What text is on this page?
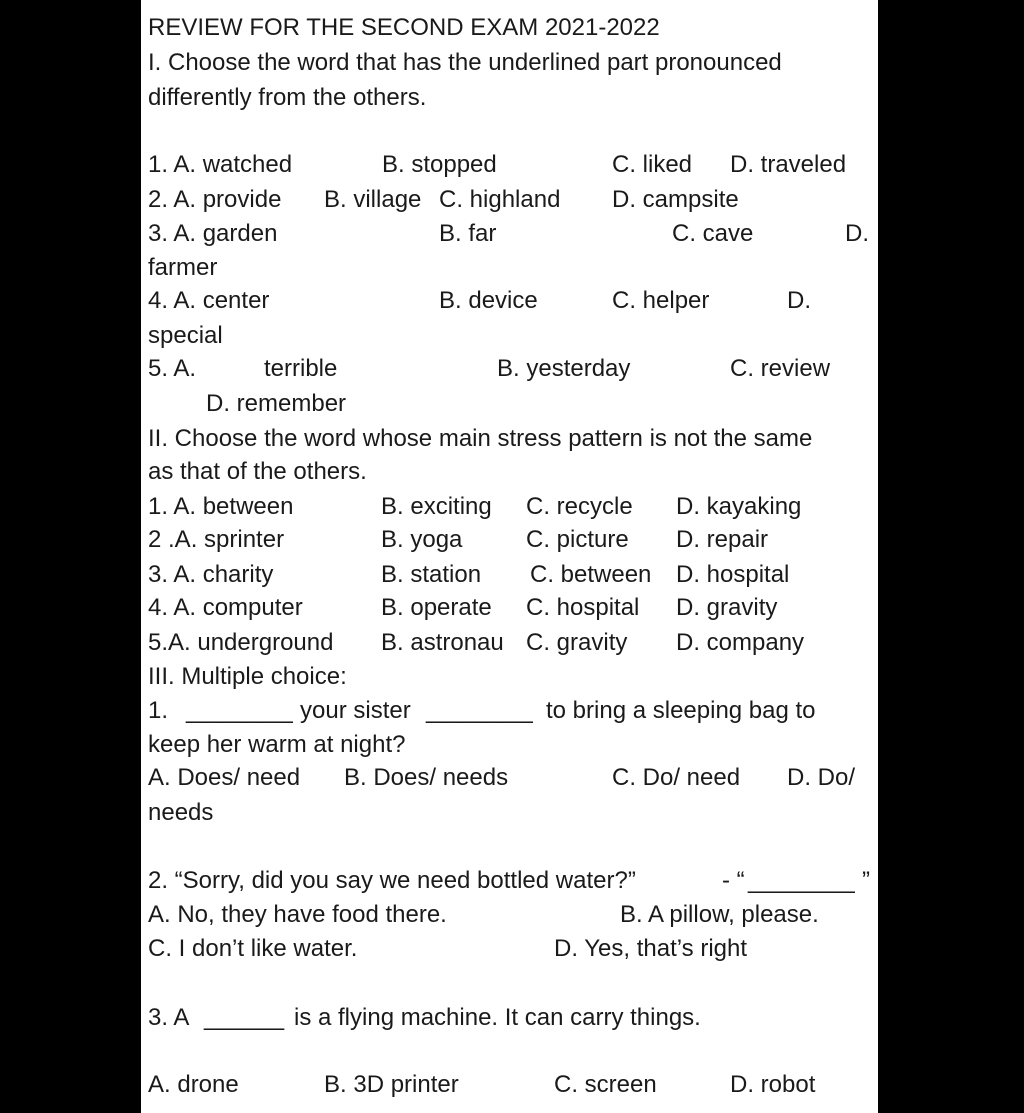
REVIEW FOR THE SECOND EXAM 2021-2022
I. Choose the word that has the underlined part pronounced
differently from the others.
1. A. watched	B. stopped	C. liked D. traveled
2. A. provide B. village C. highland D. campsite
3. A. garden	B. far	C. cave	D.
farmer
4. A. center	B. device	C. helper	D.
special
5. A.	terrible	B. yesterday	C. review
D. remember
II. Choose the word whose main stress pattern is not the same
as that of the others.
1. A. between	B. exciting C. recycle D. kayaking
2 .A. sprinter	B. yoga	C. picture D. repair
3. A. charity	B. station C. between D. hospital
4. A. computer	B. operate C. hospital D. gravity
5.A. underground B. astronau C. gravity D. company
III. Multiple choice:
1. ________ your sister ________ to bring a sleeping bag to
keep her warm at night?
A. Does/ need B. Does/ needs	C. Do/ need D. Do/
needs
2. “Sorry, did you say we need bottled water?”	- “ ________ ”
A. No, they have food there.	B. A pillow, please.
C. I don’t like water.	D. Yes, that’s right
3. A ______ is a flying machine. It can carry things.
A. drone	B. 3D printer	C. screen	D. robot
